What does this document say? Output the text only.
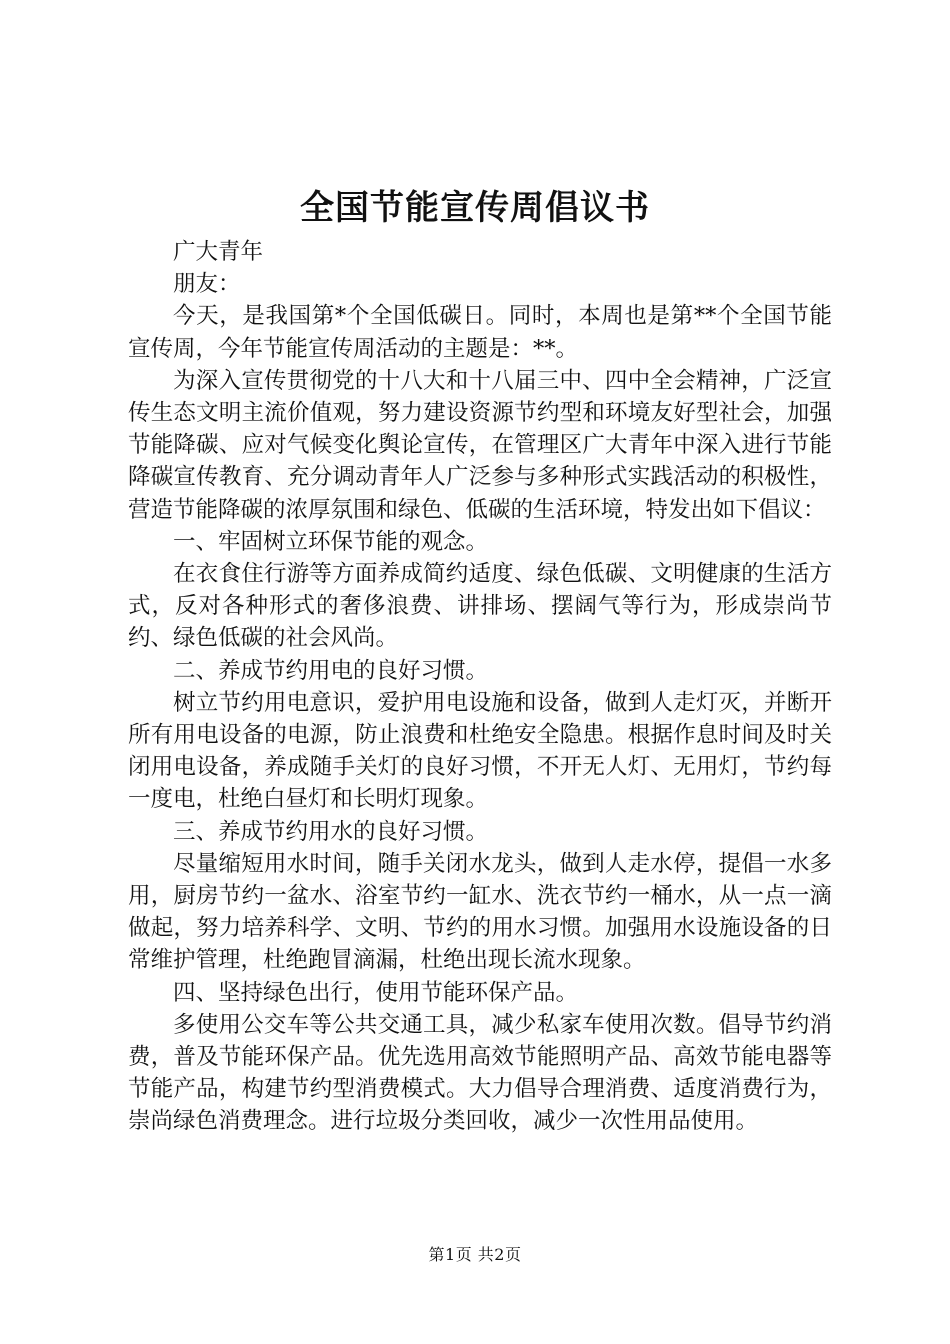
全国节能宣传周倡议书

广大青年

朋友：

今天，是我国第*个全国低碳日。同时，本周也是第**个全国节能宣传周，今年节能宣传周活动的主题是：**。

为深入宣传贯彻党的十八大和十八届三中、四中全会精神，广泛宣传生态文明主流价值观，努力建设资源节约型和环境友好型社会，加强节能降碳、应对气候变化舆论宣传，在管理区广大青年中深入进行节能降碳宣传教育、充分调动青年人广泛参与多种形式实践活动的积极性，营造节能降碳的浓厚氛围和绿色、低碳的生活环境，特发出如下倡议：

一、牢固树立环保节能的观念。

在衣食住行游等方面养成简约适度、绿色低碳、文明健康的生活方式，反对各种形式的奢侈浪费、讲排场、摆阔气等行为，形成崇尚节约、绿色低碳的社会风尚。

二、养成节约用电的良好习惯。

树立节约用电意识，爱护用电设施和设备，做到人走灯灭，并断开所有用电设备的电源，防止浪费和杜绝安全隐患。根据作息时间及时关闭用电设备，养成随手关灯的良好习惯，不开无人灯、无用灯，节约每一度电，杜绝白昼灯和长明灯现象。

三、养成节约用水的良好习惯。

尽量缩短用水时间，随手关闭水龙头，做到人走水停，提倡一水多用，厨房节约一盆水、浴室节约一缸水、洗衣节约一桶水，从一点一滴做起，努力培养科学、文明、节约的用水习惯。加强用水设施设备的日常维护管理，杜绝跑冒滴漏，杜绝出现长流水现象。

四、坚持绿色出行，使用节能环保产品。

多使用公交车等公共交通工具，减少私家车使用次数。倡导节约消费，普及节能环保产品。优先选用高效节能照明产品、高效节能电器等节能产品，构建节约型消费模式。大力倡导合理消费、适度消费行为，崇尚绿色消费理念。进行垃圾分类回收，减少一次性用品使用。

第1页 共2页
